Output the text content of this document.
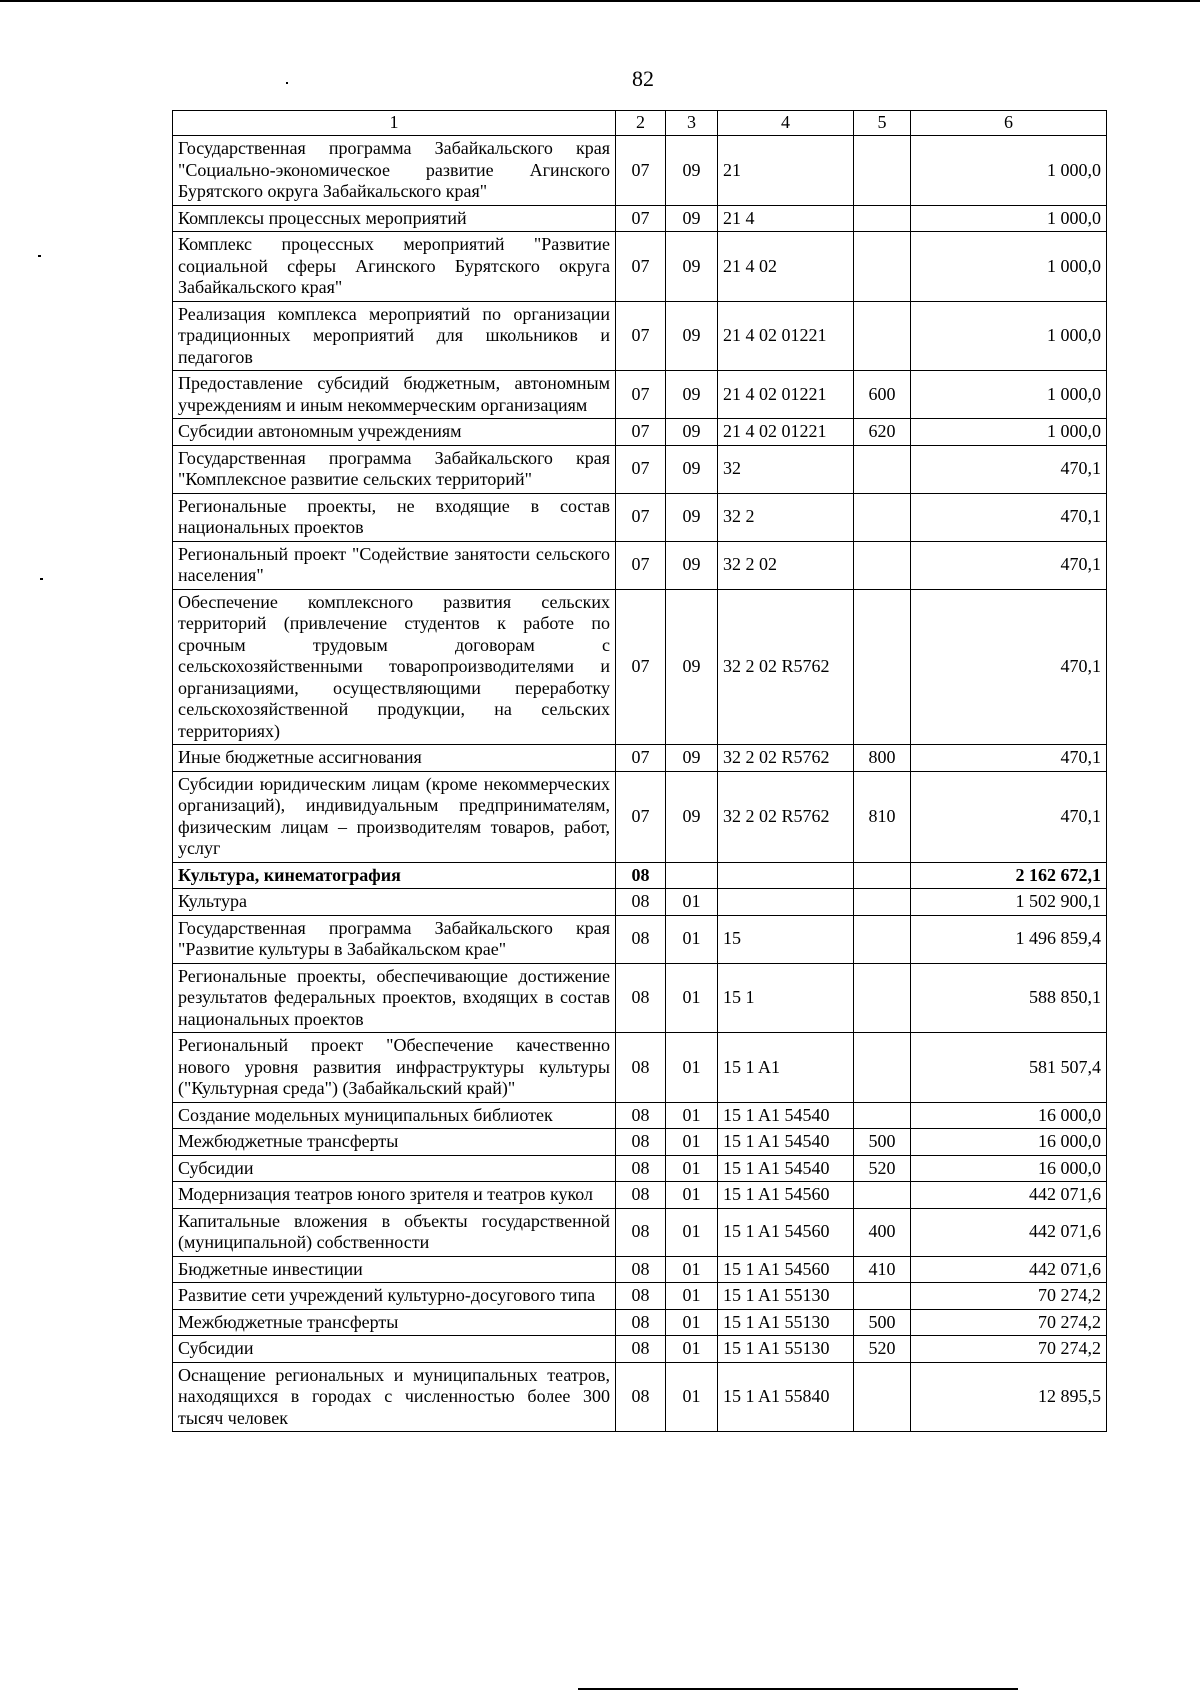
82
1	2	3	4	5	6
Государственная программа Забайкальского края "Социально-экономическое развитие Агинского Бурятского округа Забайкальского края"	07	09	21		1 000,0
Комплексы процессных мероприятий	07	09	21 4		1 000,0
Комплекс процессных мероприятий "Развитие социальной сферы Агинского Бурятского округа Забайкальского края"	07	09	21 4 02		1 000,0
Реализация комплекса мероприятий по организации традиционных мероприятий для школьников и педагогов	07	09	21 4 02 01221		1 000,0
Предоставление субсидий бюджетным, автономным учреждениям и иным некоммерческим организациям	07	09	21 4 02 01221	600	1 000,0
Субсидии автономным учреждениям	07	09	21 4 02 01221	620	1 000,0
Государственная программа Забайкальского края "Комплексное развитие сельских территорий"	07	09	32		470,1
Региональные проекты, не входящие в состав национальных проектов	07	09	32 2		470,1
Региональный проект "Содействие занятости сельского населения"	07	09	32 2 02		470,1
Обеспечение комплексного развития сельских территорий (привлечение студентов к работе по срочным трудовым договорам с сельскохозяйственными товаропроизводителями и организациями, осуществляющими переработку сельскохозяйственной продукции, на сельских территориях)	07	09	32 2 02 R5762		470,1
Иные бюджетные ассигнования	07	09	32 2 02 R5762	800	470,1
Субсидии юридическим лицам (кроме некоммерческих организаций), индивидуальным предпринимателям, физическим лицам – производителям товаров, работ, услуг	07	09	32 2 02 R5762	810	470,1
Культура, кинематография	08				2 162 672,1
Культура	08	01			1 502 900,1
Государственная программа Забайкальского края "Развитие культуры в Забайкальском крае"	08	01	15		1 496 859,4
Региональные проекты, обеспечивающие достижение результатов федеральных проектов, входящих в состав национальных проектов	08	01	15 1		588 850,1
Региональный проект "Обеспечение качественно нового уровня развития инфраструктуры культуры ("Культурная среда") (Забайкальский край)"	08	01	15 1 A1		581 507,4
Создание модельных муниципальных библиотек	08	01	15 1 A1 54540		16 000,0
Межбюджетные трансферты	08	01	15 1 A1 54540	500	16 000,0
Субсидии	08	01	15 1 A1 54540	520	16 000,0
Модернизация театров юного зрителя и театров кукол	08	01	15 1 A1 54560		442 071,6
Капитальные вложения в объекты государственной (муниципальной) собственности	08	01	15 1 A1 54560	400	442 071,6
Бюджетные инвестиции	08	01	15 1 A1 54560	410	442 071,6
Развитие сети учреждений культурно-досугового типа	08	01	15 1 A1 55130		70 274,2
Межбюджетные трансферты	08	01	15 1 A1 55130	500	70 274,2
Субсидии	08	01	15 1 A1 55130	520	70 274,2
Оснащение региональных и муниципальных театров, находящихся в городах с численностью более 300 тысяч человек	08	01	15 1 A1 55840		12 895,5
